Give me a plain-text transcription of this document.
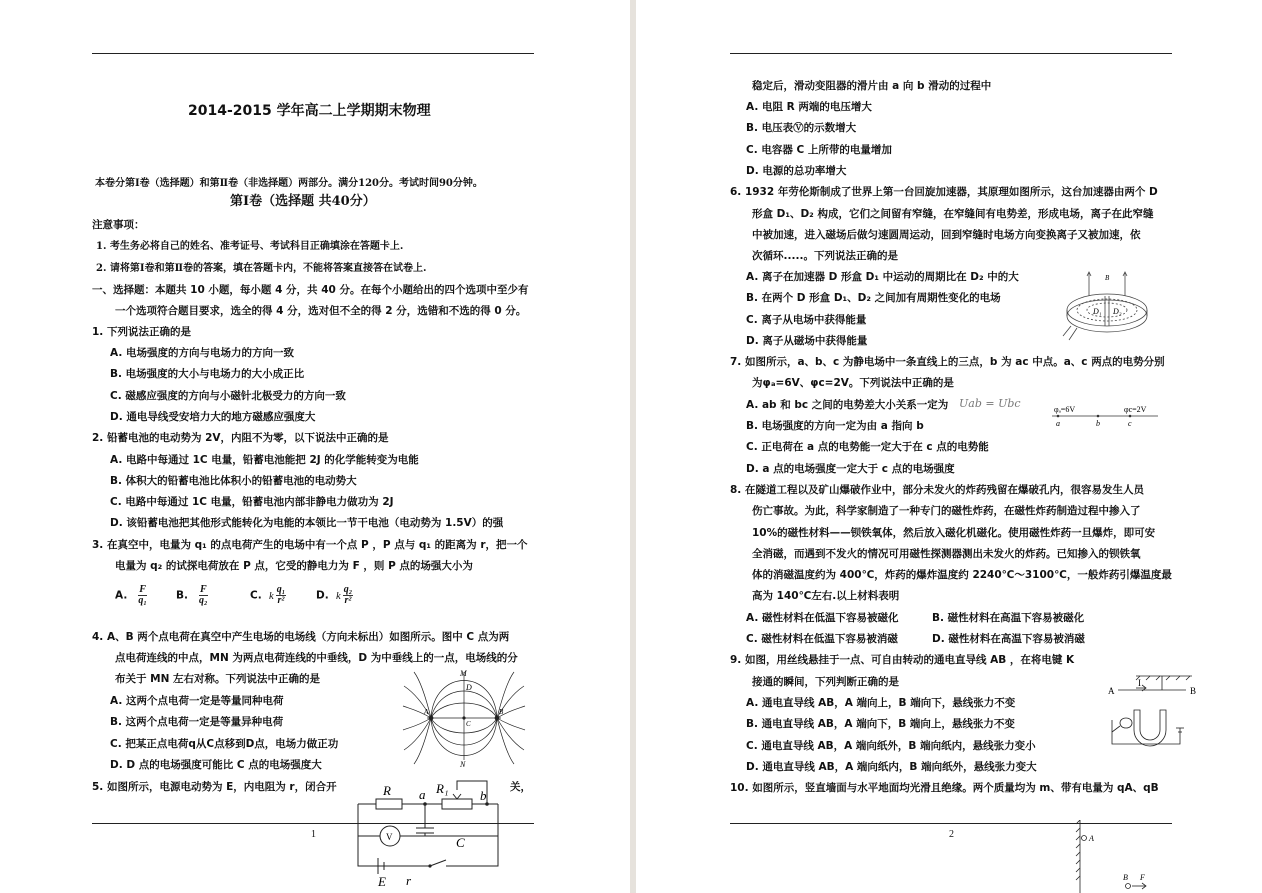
2014-2015 学年高二上学期期末物理
本卷分第Ⅰ卷（选择题）和第Ⅱ卷（非选择题）两部分。满分120分。考试时间90分钟。
第Ⅰ卷（选择题 共40分）
注意事项：
1. 考生务必将自己的姓名、准考证号、考试科目正确填涂在答题卡上.
2. 请将第Ⅰ卷和第Ⅱ卷的答案，填在答题卡内，不能将答案直接答在试卷上.
一、选择题：本题共 10 小题，每小题 4 分，共 40 分。在每个小题给出的四个选项中至少有
一个选项符合题目要求，选全的得 4 分，选对但不全的得 2 分，选错和不选的得 0 分。
1. 下列说法正确的是
A. 电场强度的方向与电场力的方向一致
B. 电场强度的大小与电场力的大小成正比
C. 磁感应强度的方向与小磁针北极受力的方向一致
D. 通电导线受安培力大的地方磁感应强度大
2. 铅蓄电池的电动势为 2V，内阻不为零，以下说法中正确的是
A. 电路中每通过 1C 电量，铅蓄电池能把 2J 的化学能转变为电能
B. 体积大的铅蓄电池比体积小的铅蓄电池的电动势大
C. 电路中每通过 1C 电量，铅蓄电池内部非静电力做功为 2J
D. 该铅蓄电池把其他形式能转化为电能的本领比一节干电池（电动势为 1.5V）的强
3. 在真空中，电量为 q₁ 的点电荷产生的电场中有一个点 P ，P 点与 q₁ 的距离为 r，把一个
电量为 q₂ 的试探电荷放在 P 点，它受的静电力为 F ，则 P 点的场强大小为
A. $\frac{F}{\text{q₁}}$	B. $\frac{F}{\text{q₂}}$	C. k $\frac{\text{q₁}}{\text{r²}}$	D. k $\frac{\text{q₂}}{\text{r²}}$
4. A、B 两个点电荷在真空中产生电场的电场线（方向未标出）如图所示。图中 C 点为两
点电荷连线的中点，MN 为两点电荷连线的中垂线，D 为中垂线上的一点，电场线的分
布关于 MN 左右对称。下列说法中正确的是
A. 这两个点电荷一定是等量同种电荷
B. 这两个点电荷一定是等量异种电荷
C. 把某正点电荷q从C点移到D点，电场力做正功
D. D 点的电场强度可能比 C 点的电场强度大
M
D
A	B
C
N
5. 如图所示，电源电动势为 E，内电阻为 r，闭合开	关，
1
R	R₁
a	b
V	C
E r
稳定后，滑动变阻器的滑片由 a 向 b 滑动的过程中
A. 电阻 R 两端的电压增大
B. 电压表Ⓥ的示数增大
C. 电容器 C 上所带的电量增加
D. 电源的总功率增大
6. 1932 年劳伦斯制成了世界上第一台回旋加速器，其原理如图所示，这台加速器由两个 D
形盒 D₁、D₂ 构成，它们之间留有窄缝，在窄缝间有电势差，形成电场，离子在此窄缝
中被加速，进入磁场后做匀速圆周运动，回到窄缝时电场方向变换离子又被加速，依
次循环.....。下列说法正确的是
A. 离子在加速器 D 形盒 D₁ 中运动的周期比在 D₂ 中的大
B. 在两个 D 形盒 D₁、D₂ 之间加有周期性变化的电场
C. 离子从电场中获得能量
D. 离子从磁场中获得能量
B
D₁ D₂
7. 如图所示，a、b、c 为静电场中一条直线上的三点，b 为 ac 中点。a、c 两点的电势分别
为φₐ=6V、φc=2V。下列说法中正确的是
A. ab 和 bc 之间的电势差大小关系一定为 Uab = Ubc
B. 电场强度的方向一定为由 a 指向 b
C. 正电荷在 a 点的电势能一定大于在 c 点的电势能
D. a 点的电场强度一定大于 c 点的电场强度
φₐ=6V	φc=2V
a	b	c
8. 在隧道工程以及矿山爆破作业中，部分未发火的炸药残留在爆破孔内，很容易发生人员
伤亡事故。为此，科学家制造了一种专门的磁性炸药，在磁性炸药制造过程中掺入了
10%的磁性材料——钡铁氧体，然后放入磁化机磁化。使用磁性炸药一旦爆炸，即可安
全消磁，而遇到不发火的情况可用磁性探测器测出未发火的炸药。已知掺入的钡铁氧
体的消磁温度约为 400℃，炸药的爆炸温度约 2240℃～3100℃，一般炸药引爆温度最
高为 140℃左右.以上材料表明
A. 磁性材料在低温下容易被磁化	B. 磁性材料在高温下容易被磁化
C. 磁性材料在低温下容易被消磁	D. 磁性材料在高温下容易被消磁
9. 如图，用丝线悬挂于一点、可自由转动的通电直导线 AB ，在将电键 K
接通的瞬间，下列判断正确的是
A. 通电直导线 AB，A 端向上，B 端向下，悬线张力不变
B. 通电直导线 AB，A 端向下，B 端向上，悬线张力不变
C. 通电直导线 AB，A 端向纸外，B 端向纸内，悬线张力变小
D. 通电直导线 AB，A 端向纸内，B 端向纸外，悬线张力变大
A
I
B
10. 如图所示，竖直墙面与水平地面均光滑且绝缘。两个质量均为 m、带有电量为 qA、qB
2	A
B F
